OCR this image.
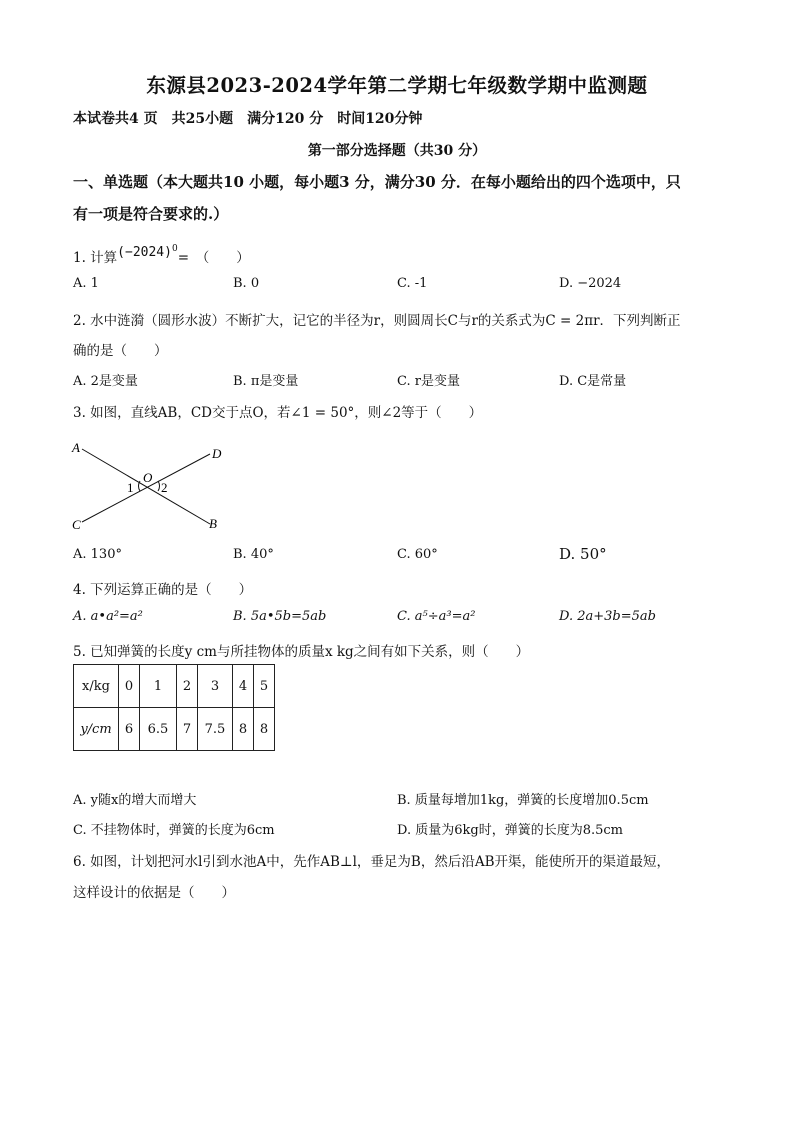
东源县2023-2024学年第二学期七年级数学期中监测题
本试卷共4 页　共25小题　满分120 分　时间120分钟
第一部分选择题（共30 分）
一、单选题（本大题共10 小题，每小题3 分，满分30 分．在每小题给出的四个选项中，只
有一项是符合要求的.）
1. 计算$(-2024)^0=$　（　　）
A. 1	B. 0	C. -1	D. −2024
2. 水中涟漪（圆形水波）不断扩大，记它的半径为r，则圆周长C与r的关系式为C = 2πr．下列判断正
确的是（　　）
A. 2是变量	B. π是变量	C. r是变量	D. C是常量
3. 如图，直线AB，CD交于点O，若∠1 = 50°，则∠2等于（　　）
A	D
O
1 2
C	B
A. 130°	B. 40°	C. 60°	D. 50°
4. 下列运算正确的是（　　）
A. a•a²=a²	B. 5a•5b=5ab	C. a⁵÷a³=a²	D. 2a+3b=5ab
5. 已知弹簧的长度y cm与所挂物体的质量x kg之间有如下关系，则（　　）
x/kg	0	1	2	3	4	5
y/cm	6	6.5	7	7.5	8	8
A. y随x的增大而增大	B. 质量每增加1kg，弹簧的长度增加0.5cm
C. 不挂物体时，弹簧的长度为6cm	D. 质量为6kg时，弹簧的长度为8.5cm
6. 如图，计划把河水l引到水池A中，先作AB⊥l，垂足为B，然后沿AB开渠，能使所开的渠道最短，
这样设计的依据是（　　）
